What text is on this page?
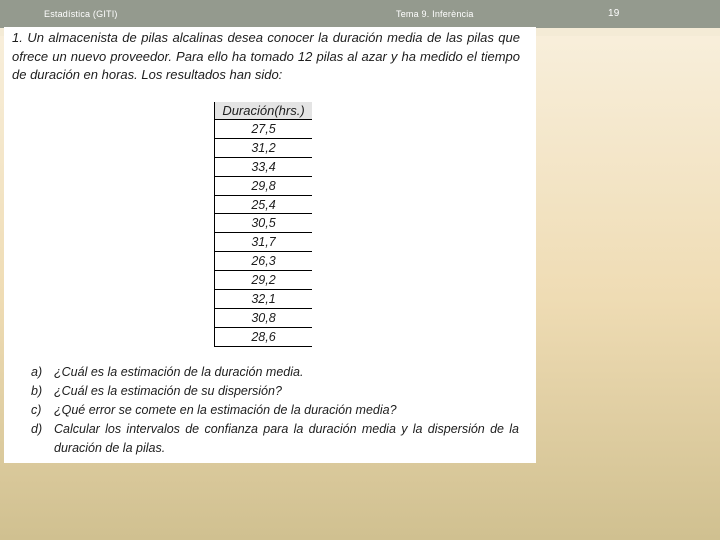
Estadística (GITI)	Tema 9. Inferència	19
1. Un almacenista de pilas alcalinas desea conocer la duración media de las pilas que ofrece un nuevo proveedor. Para ello ha tomado 12 pilas al azar y ha medido el tiempo de duración en horas. Los resultados han sido:
Duración(hrs.)
27,5
31,2
33,4
29,8
25,4
30,5
31,7
26,3
29,2
32,1
30,8
28,6
a) ¿Cuál es la estimación de la duración media.
b) ¿Cuál es la estimación de su dispersión?
c)	¿Qué error se comete en la estimación de la duración media?
d) Calcular los intervalos de confianza para la duración media y la dispersión de la duración de la pilas.
